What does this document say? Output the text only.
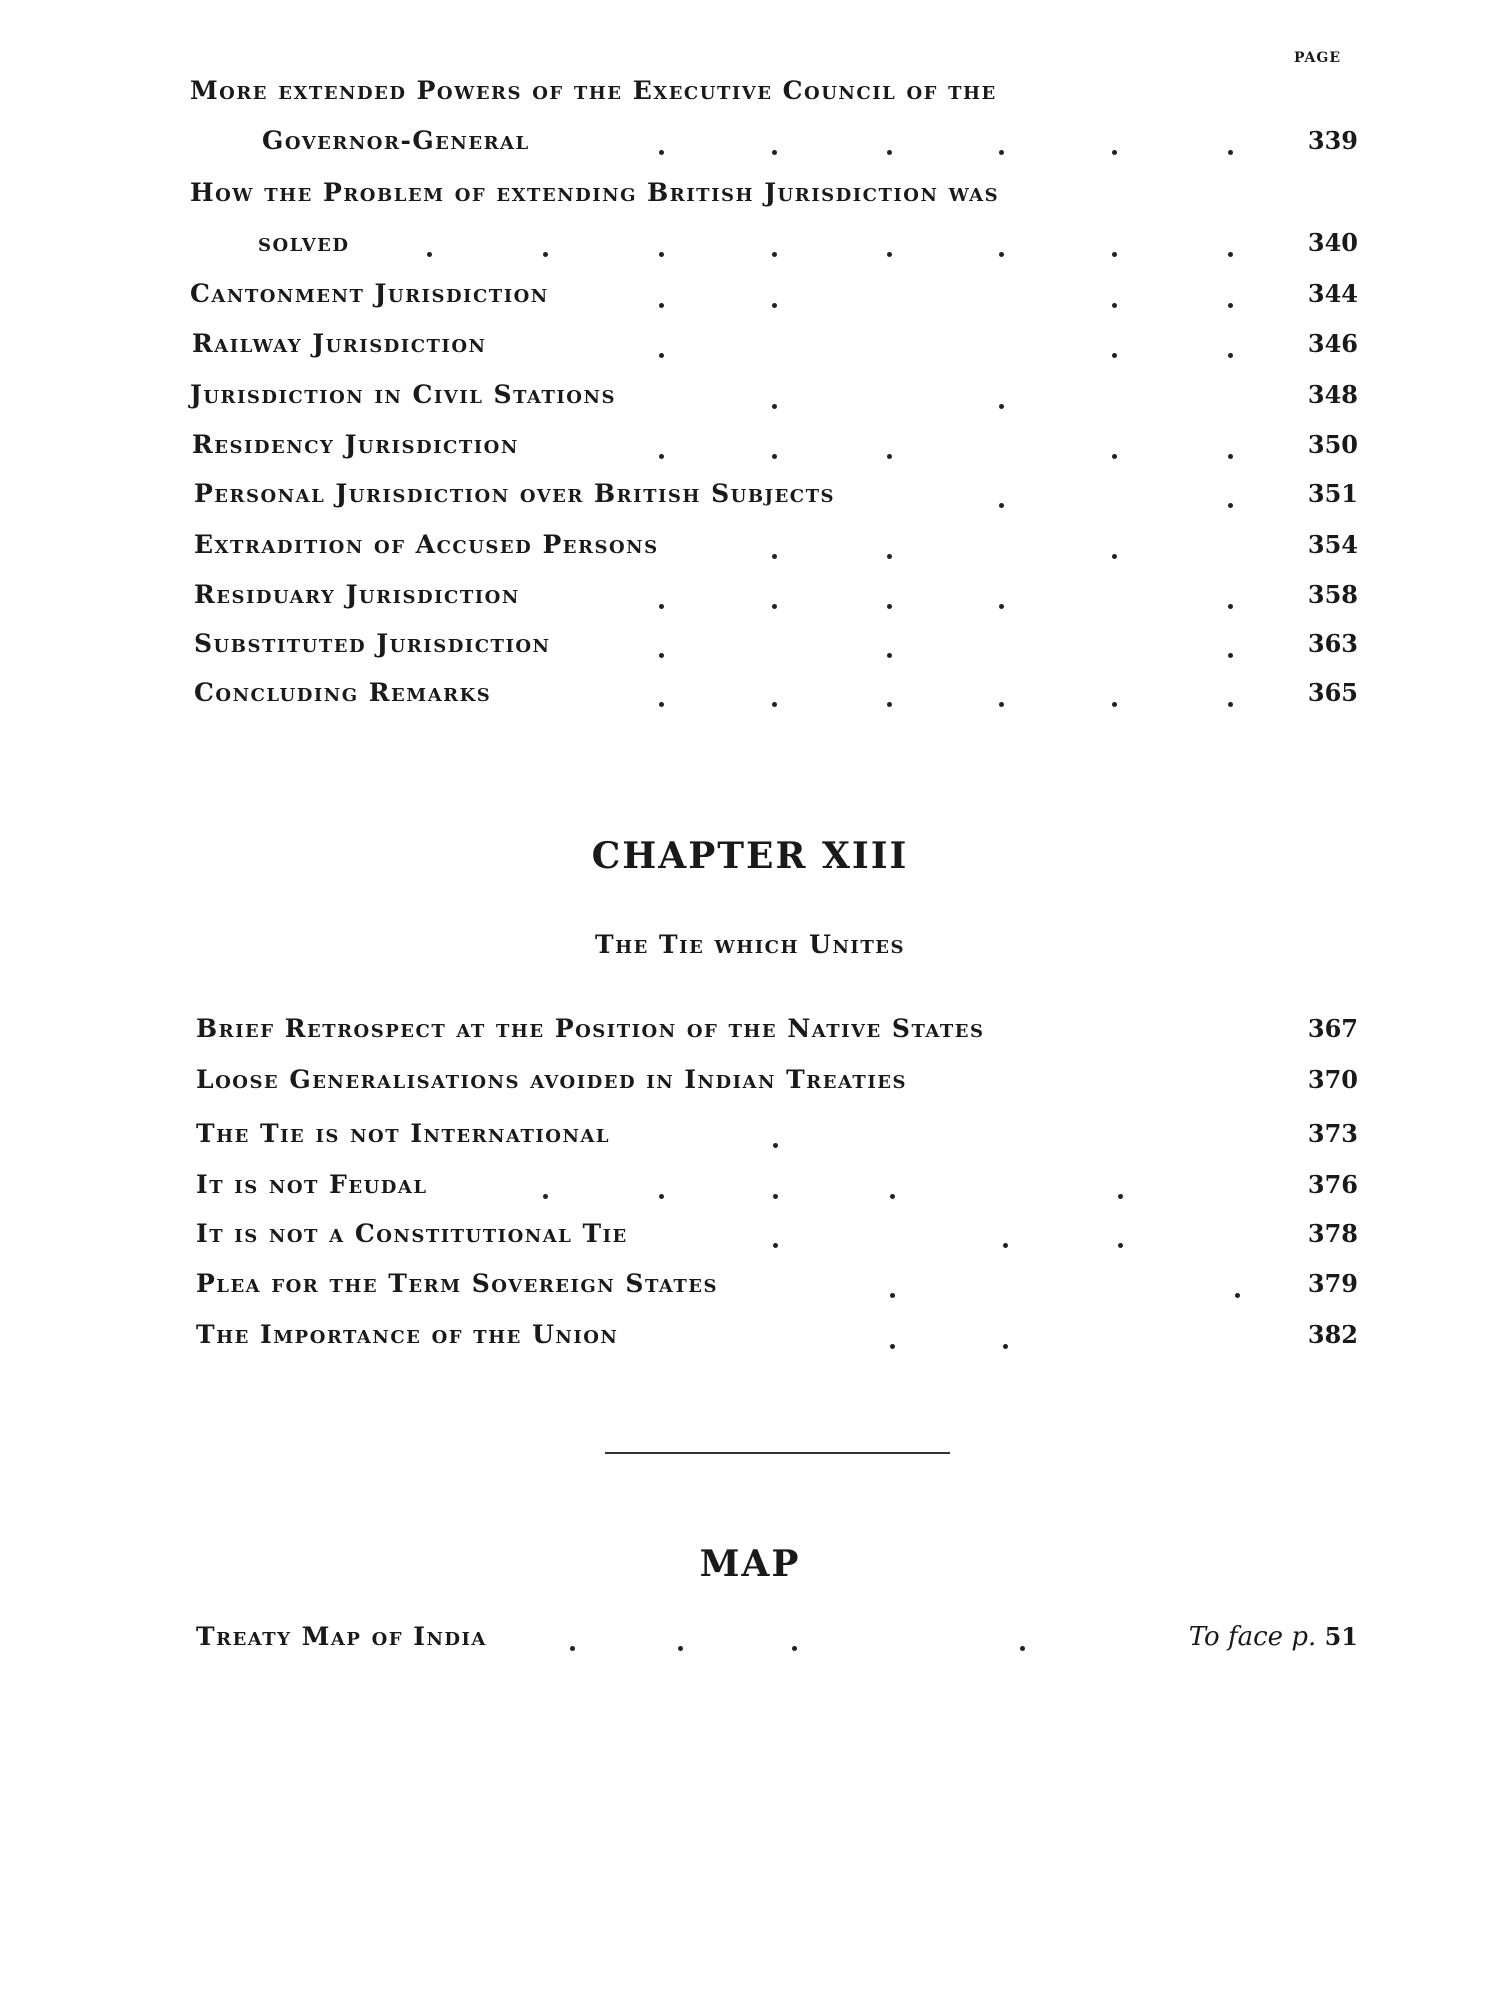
PAGE
More extended Powers of the Executive Council of the
Governor-General	339
How the Problem of extending British Jurisdiction was
solved	340
Cantonment Jurisdiction	344
Railway Jurisdiction	346
Jurisdiction in Civil Stations	348
Residency Jurisdiction	350
Personal Jurisdiction over British Subjects	351
Extradition of Accused Persons	354
Residuary Jurisdiction	358
Substituted Jurisdiction	363
Concluding Remarks	365
CHAPTER XIII
The Tie which Unites
Brief Retrospect at the Position of the Native States	367
Loose Generalisations avoided in Indian Treaties	370
The Tie is not International	373
It is not Feudal	376
It is not a Constitutional Tie	378
Plea for the Term Sovereign States	379
The Importance of the Union	382
MAP
Treaty Map of India	To face p. 51
